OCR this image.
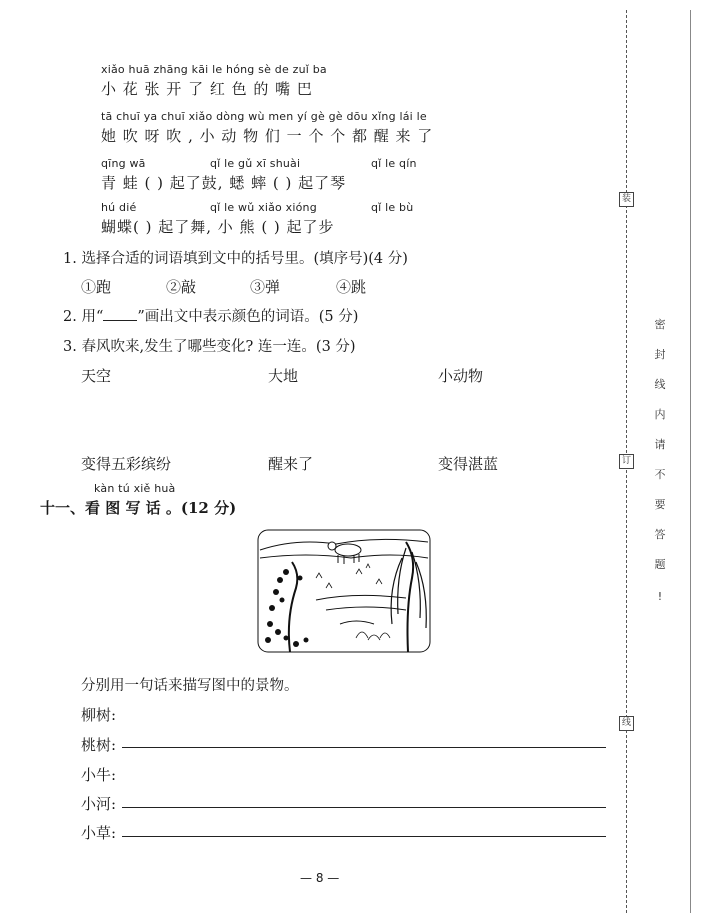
xiǎo huā zhāng kāi le hóng sè de zuǐ ba
小 花 张 开 了 红 色 的 嘴 巴
tā chuī ya chuī xiǎo dòng wù men yí gè gè dōu xǐng lái le
她 吹 呀 吹 , 小 动 物 们 一 个 个 都 醒 来 了
qīng wā	qǐ le gǔ xī shuài	qǐ le qín
青 蛙 ( ) 起了鼓, 蟋 蟀 ( ) 起了琴
hú dié	qǐ le wǔ xiǎo xióng	qǐ le bù
蝴蝶( ) 起了舞, 小 熊 ( ) 起了步
1. 选择合适的词语填到文中的括号里。(填序号)(4 分)
①跑	②敲	③弹	④跳
2. 用“ ”画出文中表示颜色的词语。(5 分)
3. 春风吹来,发生了哪些变化? 连一连。(3 分)
天空	大地	小动物
变得五彩缤纷	醒来了	变得湛蓝
kàn tú xiě huà
十一、看 图 写 话 。(12 分)
分别用一句话来描写图中的景物。
柳树:
桃树:
小牛:
小河:
小草:
— 8 —
装
订
线
密
封
线
内
请
不
要
答
题
!
